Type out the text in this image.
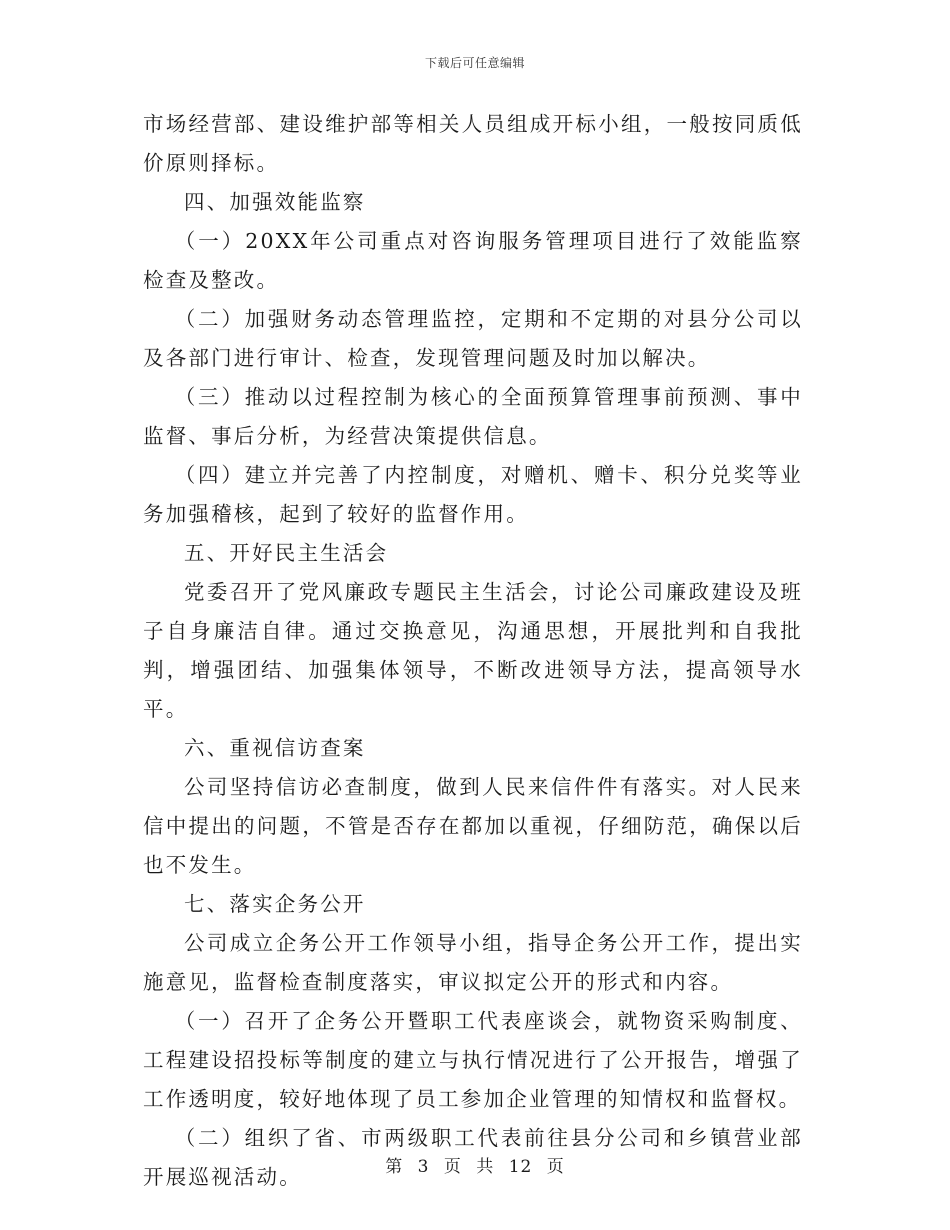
下载后可任意编辑

市场经营部、建设维护部等相关人员组成开标小组，一般按同质低价原则择标。

四、加强效能监察

（一）20XX年公司重点对咨询服务管理项目进行了效能监察检查及整改。

（二）加强财务动态管理监控，定期和不定期的对县分公司以及各部门进行审计、检查，发现管理问题及时加以解决。

（三）推动以过程控制为核心的全面预算管理事前预测、事中监督、事后分析，为经营决策提供信息。

（四）建立并完善了内控制度，对赠机、赠卡、积分兑奖等业务加强稽核，起到了较好的监督作用。

五、开好民主生活会

党委召开了党风廉政专题民主生活会，讨论公司廉政建设及班子自身廉洁自律。通过交换意见，沟通思想，开展批判和自我批判，增强团结、加强集体领导，不断改进领导方法，提高领导水平。

六、重视信访查案

公司坚持信访必查制度，做到人民来信件件有落实。对人民来信中提出的问题，不管是否存在都加以重视，仔细防范，确保以后也不发生。

七、落实企务公开

公司成立企务公开工作领导小组，指导企务公开工作，提出实施意见，监督检查制度落实，审议拟定公开的形式和内容。

（一）召开了企务公开暨职工代表座谈会，就物资采购制度、工程建设招投标等制度的建立与执行情况进行了公开报告，增强了工作透明度，较好地体现了员工参加企业管理的知情权和监督权。

（二）组织了省、市两级职工代表前往县分公司和乡镇营业部开展巡视活动。	第 3 页 共 12 页
